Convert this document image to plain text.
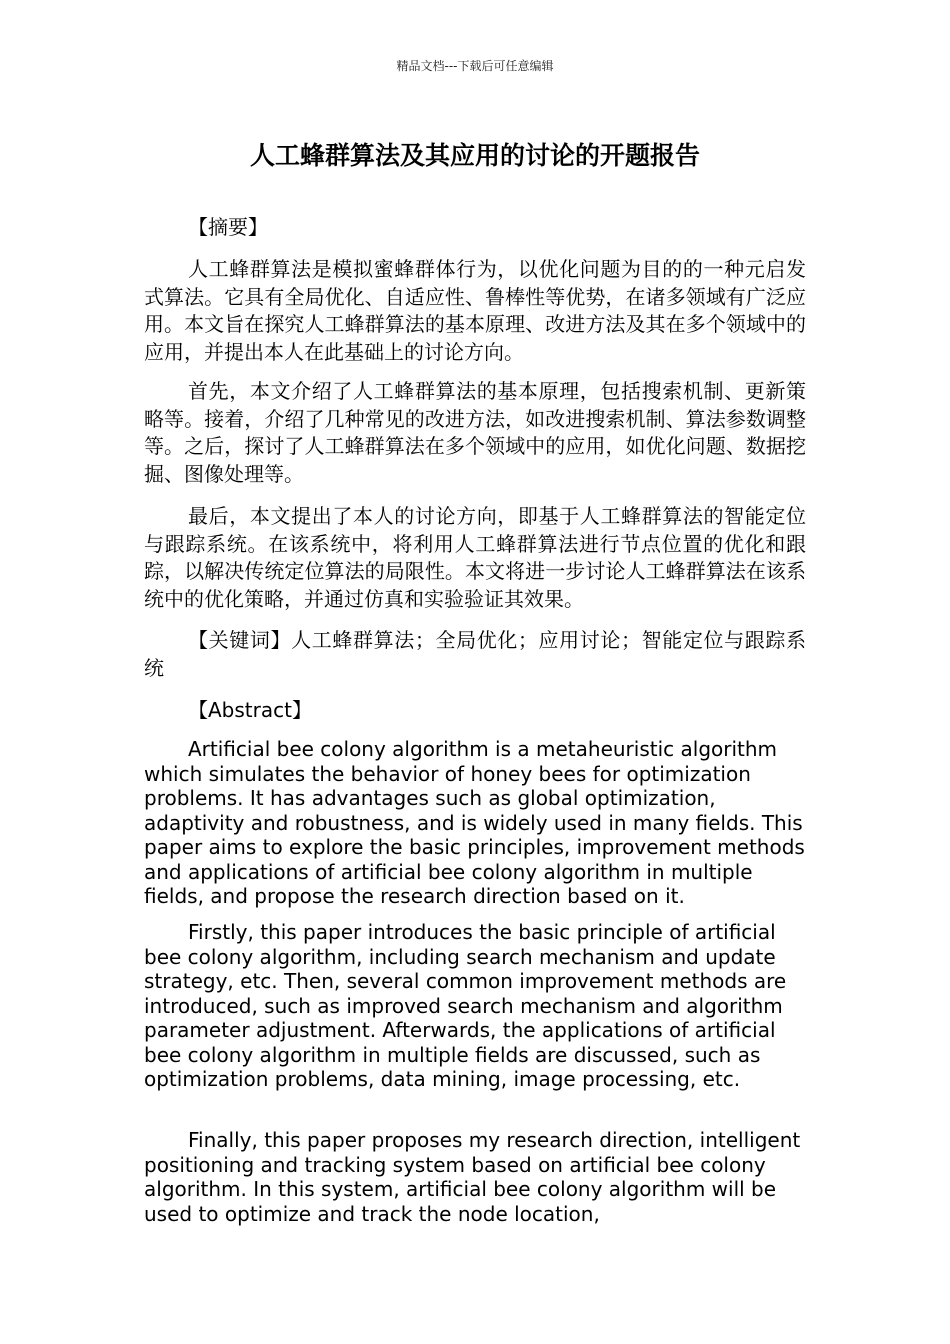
精品文档---下载后可任意编辑
人工蜂群算法及其应用的讨论的开题报告

【摘要】

人工蜂群算法是模拟蜜蜂群体行为，以优化问题为目的的一种元启发式算法。它具有全局优化、自适应性、鲁棒性等优势，在诸多领域有广泛应用。本文旨在探究人工蜂群算法的基本原理、改进方法及其在多个领域中的应用，并提出本人在此基础上的讨论方向。

首先，本文介绍了人工蜂群算法的基本原理，包括搜索机制、更新策略等。接着，介绍了几种常见的改进方法，如改进搜索机制、算法参数调整等。之后，探讨了人工蜂群算法在多个领域中的应用，如优化问题、数据挖掘、图像处理等。

最后，本文提出了本人的讨论方向，即基于人工蜂群算法的智能定位与跟踪系统。在该系统中，将利用人工蜂群算法进行节点位置的优化和跟踪，以解决传统定位算法的局限性。本文将进一步讨论人工蜂群算法在该系统中的优化策略，并通过仿真和实验验证其效果。

【关键词】人工蜂群算法；全局优化；应用讨论；智能定位与跟踪系统

【Abstract】

Artificial bee colony algorithm is a metaheuristic algorithm which simulates the behavior of honey bees for optimization problems. It has advantages such as global optimization, adaptivity and robustness, and is widely used in many fields. This paper aims to explore the basic principles, improvement methods and applications of artificial bee colony algorithm in multiple fields, and propose the research direction based on it.

Firstly, this paper introduces the basic principle of artificial bee colony algorithm, including search mechanism and update strategy, etc. Then, several common improvement methods are introduced, such as improved search mechanism and algorithm parameter adjustment. Afterwards, the applications of artificial bee colony algorithm in multiple fields are discussed, such as optimization problems, data mining, image processing, etc.

Finally, this paper proposes my research direction, intelligent positioning and tracking system based on artificial bee colony algorithm. In this system, artificial bee colony algorithm will be used to optimize and track the node location,
